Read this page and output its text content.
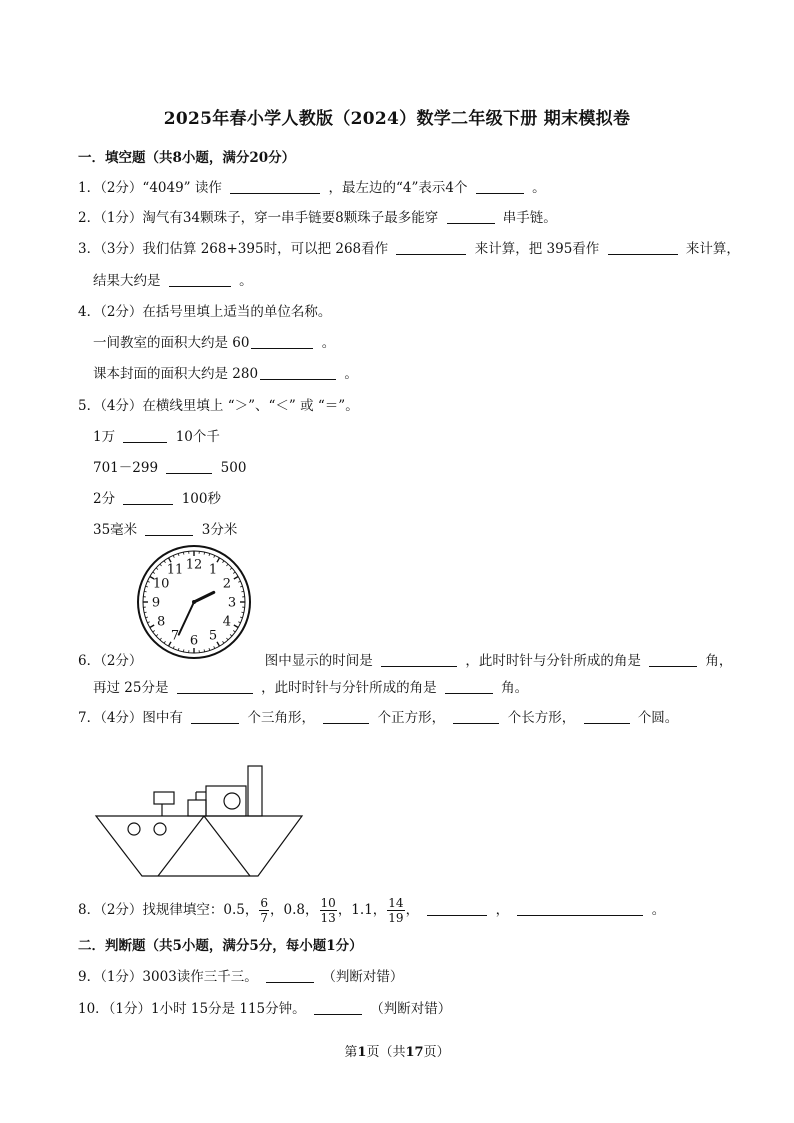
2025年春小学人教版（2024）数学二年级下册 期末模拟卷
一．填空题（共8小题，满分20分）
1．（2分）“4049” 读作	，最左边的“4”表示4个	。
2．（1分）淘气有34颗珠子，穿一串手链要8颗珠子最多能穿	串手链。
3．（3分）我们估算 268+395时，可以把 268看作	来计算，把 395看作	来计算，
结果大约是	。
4．（2分）在括号里填上适当的单位名称。
一间教室的面积大约是 60	。
课本封面的面积大约是 280	。
5．（4分）在横线里填上 “＞”、“＜” 或 “＝”。
1万	10个千
701－299	500
2分	100秒
35毫米	3分米
12 1
2
3
4
5
6
7
8
9
10
11
6．（2分）	图中显示的时间是	，此时时针与分针所成的角是	角，
再过 25分是	，此时时针与分针所成的角是	角。
7．（4分）图中有	个三角形，	个正方形，	个长方形，	个圆。
8．（2分）找规律填空：0.5， $\frac{6}{7}$ ，0.8， $\frac{10}{13}$ ，1.1， $\frac{14}{19}$ ，	，	。
二．判断题（共5小题，满分5分，每小题1分）
9．（1分）3003读作三千三。	（判断对错）
10．（1分）1小时 15分是 115分钟。	（判断对错）
第1页（共17页）
